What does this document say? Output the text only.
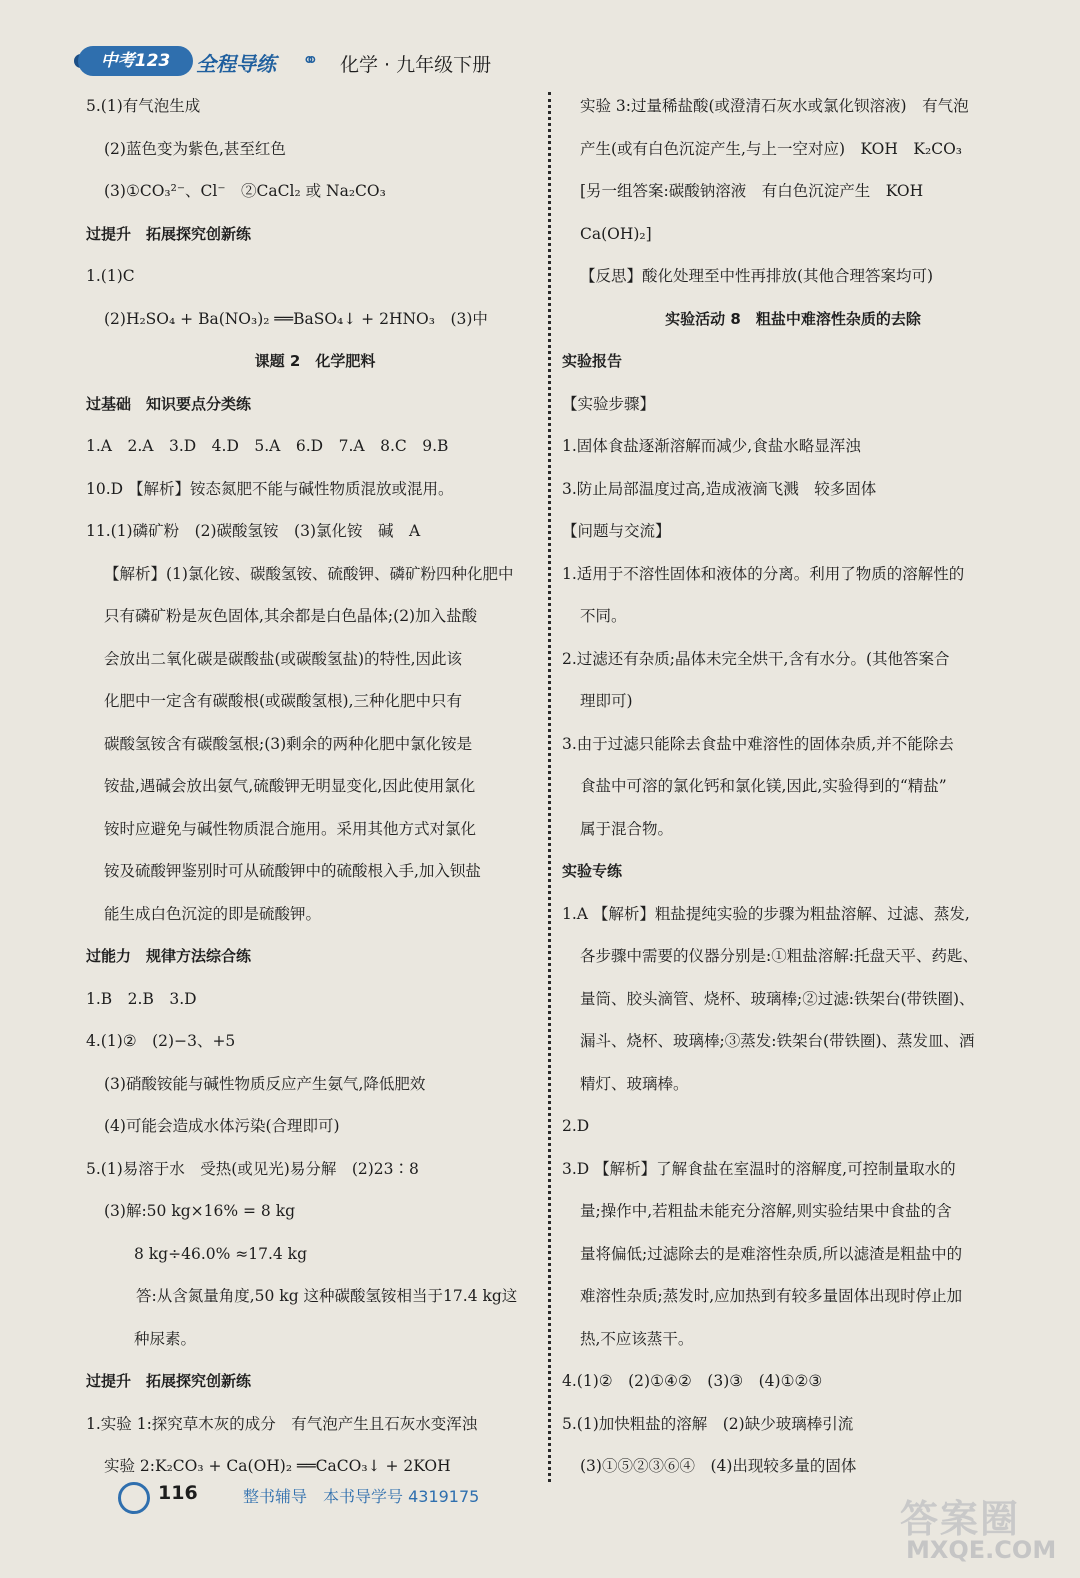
中考123	全程导练 ⚭ 化学 · 九年级下册
5.(1)有气泡生成
(2)蓝色变为紫色,甚至红色
(3)①CO₃²⁻、Cl⁻　②CaCl₂ 或 Na₂CO₃
过提升　拓展探究创新练
1.(1)C
(2)H₂SO₄ + Ba(NO₃)₂ ══BaSO₄↓ + 2HNO₃　(3)中
课题 2　化学肥料
过基础　知识要点分类练
1.A　2.A　3.D　4.D　5.A　6.D　7.A　8.C　9.B
10.D 【解析】铵态氮肥不能与碱性物质混放或混用。
11.(1)磷矿粉　(2)碳酸氢铵　(3)氯化铵　碱　A
【解析】(1)氯化铵、碳酸氢铵、硫酸钾、磷矿粉四种化肥中
只有磷矿粉是灰色固体,其余都是白色晶体;(2)加入盐酸
会放出二氧化碳是碳酸盐(或碳酸氢盐)的特性,因此该
化肥中一定含有碳酸根(或碳酸氢根),三种化肥中只有
碳酸氢铵含有碳酸氢根;(3)剩余的两种化肥中氯化铵是
铵盐,遇碱会放出氨气,硫酸钾无明显变化,因此使用氯化
铵时应避免与碱性物质混合施用。采用其他方式对氯化
铵及硫酸钾鉴别时可从硫酸钾中的硫酸根入手,加入钡盐
能生成白色沉淀的即是硫酸钾。
过能力　规律方法综合练
1.B　2.B　3.D
4.(1)②　(2)−3、+5
(3)硝酸铵能与碱性物质反应产生氨气,降低肥效
(4)可能会造成水体污染(合理即可)
5.(1)易溶于水　受热(或见光)易分解　(2)23∶8
(3)解:50 kg×16% = 8 kg
8 kg÷46.0% ≈17.4 kg
答:从含氮量角度,50 kg 这种碳酸氢铵相当于17.4 kg这
种尿素。
过提升　拓展探究创新练
1.实验 1:探究草木灰的成分　有气泡产生且石灰水变浑浊
实验 2:K₂CO₃ + Ca(OH)₂ ══CaCO₃↓ + 2KOH
实验 3:过量稀盐酸(或澄清石灰水或氯化钡溶液)　有气泡
产生(或有白色沉淀产生,与上一空对应)　KOH　K₂CO₃
[另一组答案:碳酸钠溶液　有白色沉淀产生　KOH
Ca(OH)₂]
【反思】酸化处理至中性再排放(其他合理答案均可)
实验活动 8　粗盐中难溶性杂质的去除
实验报告
【实验步骤】
1.固体食盐逐渐溶解而减少,食盐水略显浑浊
3.防止局部温度过高,造成液滴飞溅　较多固体
【问题与交流】
1.适用于不溶性固体和液体的分离。利用了物质的溶解性的
不同。
2.过滤还有杂质;晶体未完全烘干,含有水分。(其他答案合
理即可)
3.由于过滤只能除去食盐中难溶性的固体杂质,并不能除去
食盐中可溶的氯化钙和氯化镁,因此,实验得到的“精盐”
属于混合物。
实验专练
1.A 【解析】粗盐提纯实验的步骤为粗盐溶解、过滤、蒸发,
各步骤中需要的仪器分别是:①粗盐溶解:托盘天平、药匙、
量筒、胶头滴管、烧杯、玻璃棒;②过滤:铁架台(带铁圈)、
漏斗、烧杯、玻璃棒;③蒸发:铁架台(带铁圈)、蒸发皿、酒
精灯、玻璃棒。
2.D
3.D 【解析】了解食盐在室温时的溶解度,可控制量取水的
量;操作中,若粗盐未能充分溶解,则实验结果中食盐的含
量将偏低;过滤除去的是难溶性杂质,所以滤渣是粗盐中的
难溶性杂质;蒸发时,应加热到有较多量固体出现时停止加
热,不应该蒸干。
4.(1)②　(2)①④②　(3)③　(4)①②③
5.(1)加快粗盐的溶解　(2)缺少玻璃棒引流
(3)①⑤②③⑥④　(4)出现较多量的固体
116	整书辅导　本书导学号 4319175
答案圈
MXQE.COM
